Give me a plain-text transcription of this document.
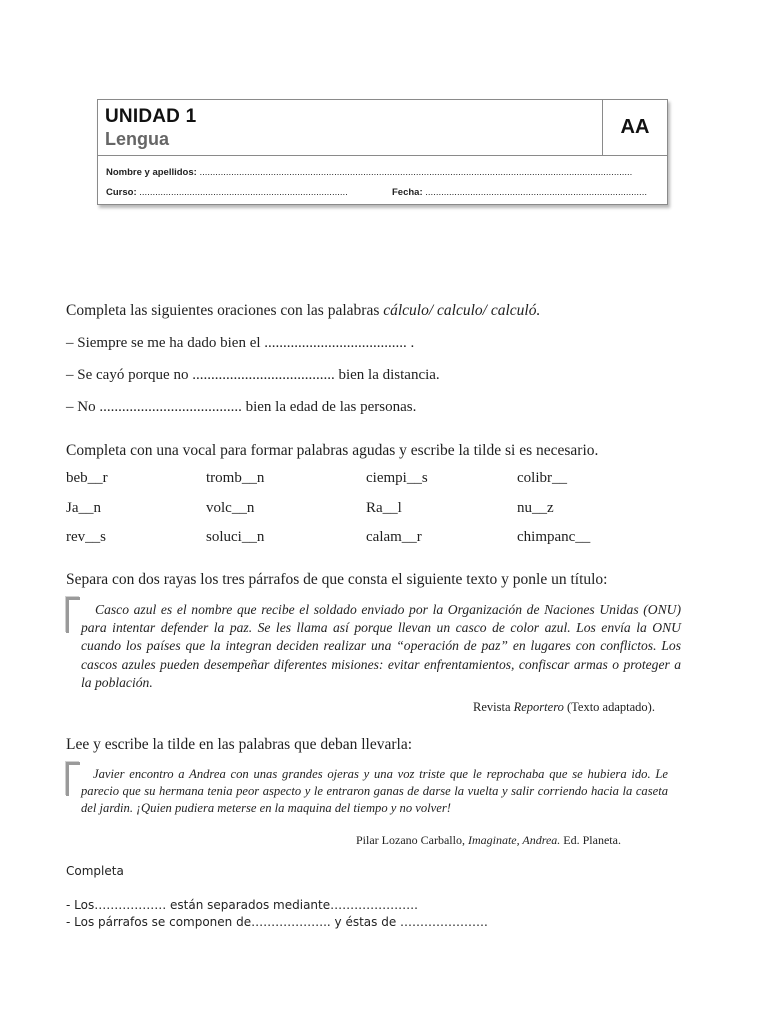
UNIDAD 1
Lengua
AA
Nombre y apellidos: ....................................................................................................................................................................
Curso: ...............................................................................	Fecha: ....................................................................................
Completa las siguientes oraciones con las palabras cálculo/ calculo/ calculó.
– Siempre se me ha dado bien el ...................................... .
– Se cayó porque no ...................................... bien la distancia.
– No ...................................... bien la edad de las personas.
Completa con una vocal para formar palabras agudas y escribe la tilde si es necesario.
beb__r	tromb__n	ciempi__s	colibr__
Ja__n	volc__n	Ra__l	nu__z
rev__s	soluci__n	calam__r	chimpanc__
Separa con dos rayas los tres párrafos de que consta el siguiente texto y ponle un título:
Casco azul es el nombre que recibe el soldado enviado por la Organización de Naciones Unidas (ONU) para intentar defender la paz. Se les llama así porque llevan un casco de color azul. Los envía la ONU cuando los países que la integran deciden realizar una “operación de paz” en lugares con conflictos. Los cascos azules pueden desempeñar diferentes misiones: evitar enfrentamientos, confiscar armas o proteger a la población.
Revista Reportero (Texto adaptado).
Lee y escribe la tilde en las palabras que deban llevarla:
Javier encontro a Andrea con unas grandes ojeras y una voz triste que le reprochaba que se hubiera ido. Le parecio que su hermana tenia peor aspecto y le entraron ganas de darse la vuelta y salir corriendo hacia la caseta del jardin. ¡Quien pudiera meterse en la maquina del tiempo y no volver!
Pilar Lozano Carballo, Imaginate, Andrea. Ed. Planeta.
Completa
- Los……………… están separados mediante………………….
- Los párrafos se componen de……………….. y éstas de ………………….
